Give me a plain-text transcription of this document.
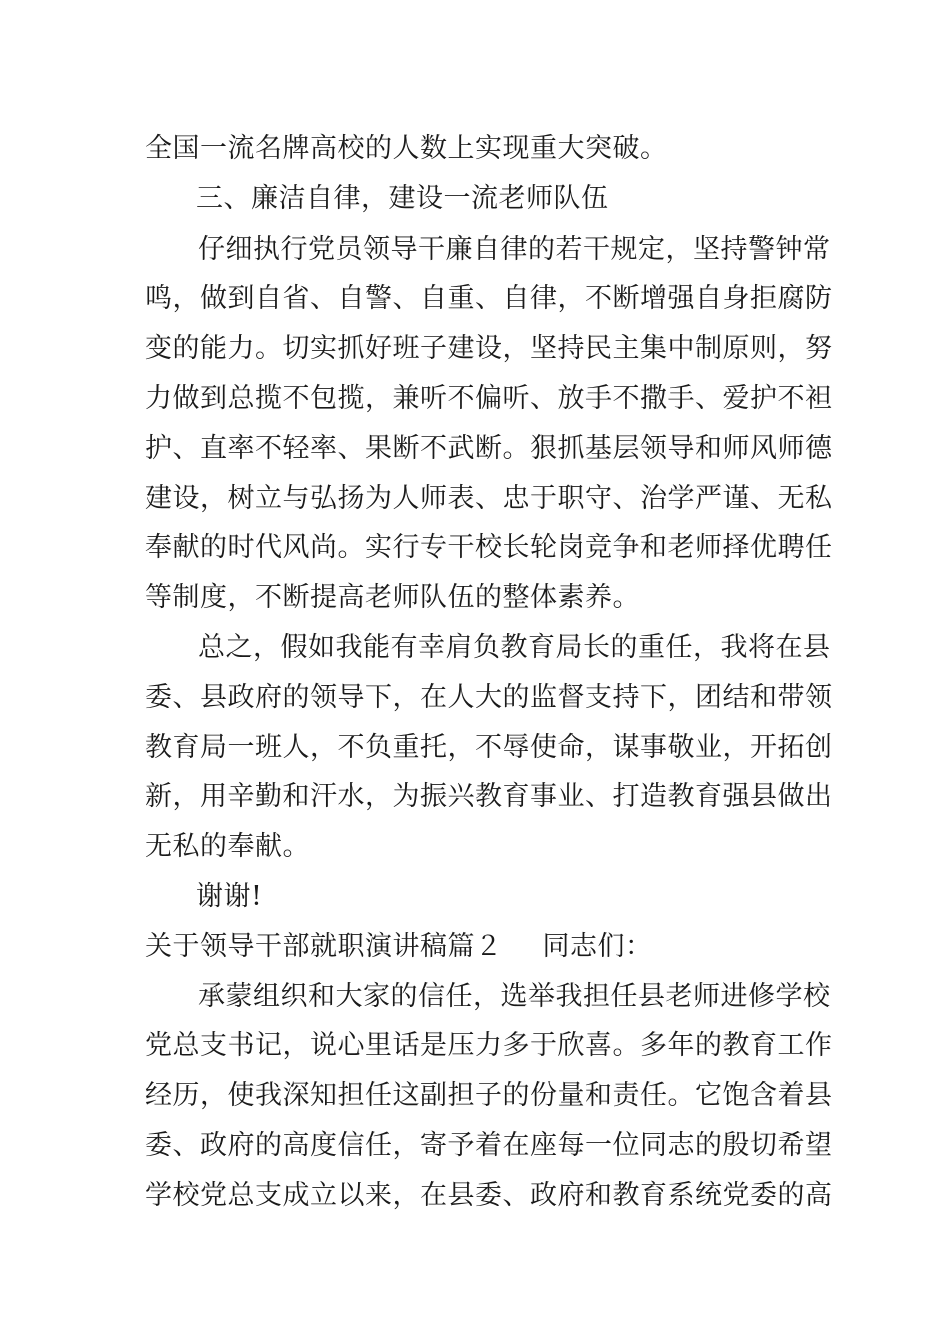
全国一流名牌高校的人数上实现重大突破。
三、廉洁自律，建设一流老师队伍
仔细执行党员领导干廉自律的若干规定，坚持警钟常
鸣，做到自省、自警、自重、自律，不断增强自身拒腐防
变的能力。切实抓好班子建设，坚持民主集中制原则，努
力做到总揽不包揽，兼听不偏听、放手不撒手、爱护不袒
护、直率不轻率、果断不武断。狠抓基层领导和师风师德
建设，树立与弘扬为人师表、忠于职守、治学严谨、无私
奉献的时代风尚。实行专干校长轮岗竞争和老师择优聘任
等制度，不断提高老师队伍的整体素养。
总之，假如我能有幸肩负教育局长的重任，我将在县
委、县政府的领导下，在人大的监督支持下，团结和带领
教育局一班人，不负重托，不辱使命，谋事敬业，开拓创
新，用辛勤和汗水，为振兴教育事业、打造教育强县做出
无私的奉献。
谢谢!
关于领导干部就职演讲稿篇２ 同志们：
承蒙组织和大家的信任，选举我担任县老师进修学校
党总支书记，说心里话是压力多于欣喜。多年的教育工作
经历，使我深知担任这副担子的份量和责任。它饱含着县
委、政府的高度信任，寄予着在座每一位同志的殷切希望
学校党总支成立以来，在县委、政府和教育系统党委的高
